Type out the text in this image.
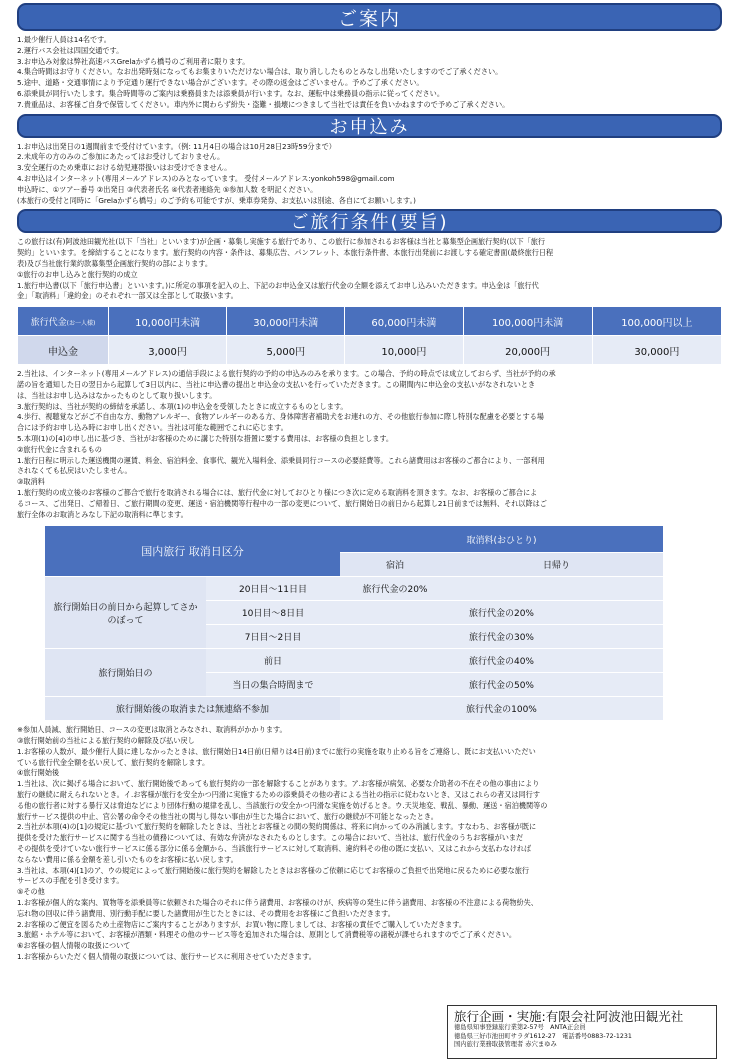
ご案内
1.最少催行人員は14名です。
2.運行バス会社は四国交通です。
3.お申込み対象は弊社高速バスGrelaかずら橋号のご利用者に限ります。
4.集合時間はお守りください。なお出発時刻になってもお集まりいただけない場合は、取り消ししたものとみなし出発いたしますのでご了承ください。
5.途中、道路・交通事情により予定通り運行できない場合がございます。その際の返金はございません。予めご了承ください。
6.添乗員が同行いたします。集合時間等のご案内は乗務員または添乗員が行います。なお、運転中は乗務員の指示に従ってください。
7.貴重品は、お客様ご自身で保管してください。車内外に関わらず紛失・盗難・損壊につきまして当社では責任を負いかねますので予めご了承ください。
お申込み
1.お申込は出発日の1週間前まで受付けています。（例: 11月4日の場合は10月28日23時59分まで）
2.未成年の方のみのご参加にあたってはお受けしておりません。
3.安全運行のため乗車における幼児連帯扱いはお受けできません。
4.お申込はインターネット(専用メールアドレス)のみとなっています。 受付メールアドレス:yonkoh598@gmail.com
申込時に、①ツアー番号 ②出発日 ③代表者氏名 ④代表者連絡先 ⑤参加人数 を明記ください。
(本旅行の受付と同時に「Grelaかずら橋号」のご予約も可能ですが、乗車券発券、お支払いは別途、各自にてお願いします。)
ご旅行条件(要旨)
この旅行は(有)阿波池田観光社(以下「当社」といいます)が企画・募集し実施する旅行であり、この旅行に参加されるお客様は当社と募集型企画旅行契約(以下「旅行
契約」といいます。を締結することになります。旅行契約の内容・条件は、募集広告、パンフレット、本旅行条件書、本旅行出発前にお渡しする確定書面(最終旅行日程
表)及び当社旅行業約款募集型企画旅行契約の部によります。
①旅行のお申し込みと旅行契約の成立
1.旅行申込書(以下「旅行申込書」といいます。)に所定の事項を記入の上、下記のお申込金又は旅行代金の全額を添えてお申し込みいただきます。申込金は「旅行代
金」「取消料」「違約金」のそれぞれ一部又は全部として取扱います。
旅行代金(お一人様)	10,000円未満	30,000円未満	60,000円未満	100,000円未満	100,000円以上
申込金	3,000円	5,000円	10,000円	20,000円	30,000円
2.当社は、インターネット(専用メールアドレス)の通信手段による旅行契約の予約の申込みのみを承ります。この場合、予約の時点では成立しておらず、当社が予約の承
諾の旨を通知した日の翌日から起算して3日以内に、当社に申込書の提出と申込金の支払いを行っていただきます。この期間内に申込金の支払いがなされないとき
は、当社はお申し込みはなかったものとして取り扱いします。
3.旅行契約は、当社が契約の締結を承諾し、本項(1)の申込金を受領したときに成立するものとします。
4.歩行、視聴覚などがご不自由な方、動物アレルギー、食物アレルギーのある方、身体障害者補助犬をお連れの方、その他旅行参加に際し特別な配慮を必要とする場
合には予約お申し込み時にお申し出ください。当社は可能な範囲でこれに応じます。
5.本項(1)の[4]の申し出に基づき、当社がお客様のために講じた特別な措置に要する費用は、お客様の負担とします。
②旅行代金に含まれるもの
1.旅行日程に明示した運送機関の運賃、料金、宿泊料金、食事代、観光入場料金、添乗員同行コースの必要経費等。これら諸費用はお客様のご都合により、一部利用
されなくても払戻はいたしません。
③取消料
1.旅行契約の成立後のお客様のご都合で旅行を取消される場合には、旅行代金に対しておひとり様につき次に定める取消料を頂きます。なお、お客様のご都合によ
るコース、ご出発日、ご帰着日、ご旅行期間の変更、運送・宿泊機関等行程中の一部の変更について、旅行開始日の前日から起算し21日前までは無料、それ以降はご
旅行全体のお取消とみなし下記の取消料に準じます。
国内旅行 取消日区分
取消料(おひとり)
宿泊	日帰り
旅行開始日の前日から起算してさかのぼって
20日目～11日目	旅行代金の20%
10日目～8日目	旅行代金の20%
7日目～2日目	旅行代金の30%
旅行開始日の
前日	旅行代金の40%
当日の集合時間まで	旅行代金の50%
旅行開始後の取消または無連絡不参加	旅行代金の100%
※参加人員減、旅行開始日、コースの変更は取消とみなされ、取消料がかかります。
③旅行開始前の当社による旅行契約の解除及び払い戻し
1.お客様の人数が、最少催行人員に達しなかったときは、旅行開始日14日前(日帰りは4日前)までに旅行の実施を取り止める旨をご連絡し、既にお支払いいただい
ている旅行代金全額を払い戻して、旅行契約を解除します。
④旅行開始後
1.当社は、次に掲げる場合において、旅行開始後であっても旅行契約の一部を解除することがあります。ア.お客様が病気、必要な介助者の不在その他の事由により
旅行の継続に耐えられないとき。イ.お客様が旅行を安全かつ円滑に実施するための添乗員その他の者による当社の指示に従わないとき、又はこれらの者又は同行す
る他の旅行者に対する暴行又は脅迫などにより団体行動の規律を乱し、当該旅行の安全かつ円滑な実施を妨げるとき。ウ.天災地変、戦乱、暴動、運送・宿泊機関等の
旅行サービス提供の中止、官公署の命令その他当社の関与し得ない事由が生じた場合において、旅行の継続が不可能となったとき。
2.当社が本項(4)の[1]の規定に基づいて旅行契約を解除したときは、当社とお客様との間の契約関係は、将来に向かってのみ消滅します。すなわち、お客様が既に
提供を受けた旅行サービスに関する当社の債務については、有効な弁済がなされたものとします。この場合において、当社は、旅行代金のうちお客様がいまだ
その提供を受けていない旅行サービスに係る部分に係る金額から、当該旅行サービスに対して取消料、違約料その他の既に支払い、又はこれから支払わなければ
ならない費用に係る金額を差し引いたものをお客様に払い戻します。
3.当社は、本項(4)[1]のア、ウの規定によって旅行開始後に旅行契約を解除したときはお客様のご依頼に応じてお客様のご負担で出発地に戻るために必要な旅行
サービスの手配を引き受けます。
⑤その他
1.お客様が個人的な案内、買物等を添乗員等に依頼された場合のそれに伴う諸費用、お客様のけが、疾病等の発生に伴う諸費用、お客様の不注意による荷物紛失、
忘れ物の回収に伴う諸費用、別行動手配に要した諸費用が生じたときには、その費用をお客様にご負担いただきます。
2.お客様のご便宜を図るため土産物店にご案内することがありますが、お買い物に際しましては、お客様の責任でご購入していただきます。
3.旅館・ホテル等において、お客様が酒類・料理その他のサービス等を追加された場合は、原則として消費税等の諸税が課せられますのでご了承ください。
⑥お客様の個人情報の取扱について
1.お客様からいただく個人情報の取扱については、旅行サービスに利用させていただきます。
旅行企画・実施:有限会社阿波池田観光社
徳島県知事登録旅行業第2-57号　ANTA正会員
徳島県三好市池田町サラダ1612-27　電話番号0883-72-1231
国内旅行業務取扱管理者 赤穴まゆみ
